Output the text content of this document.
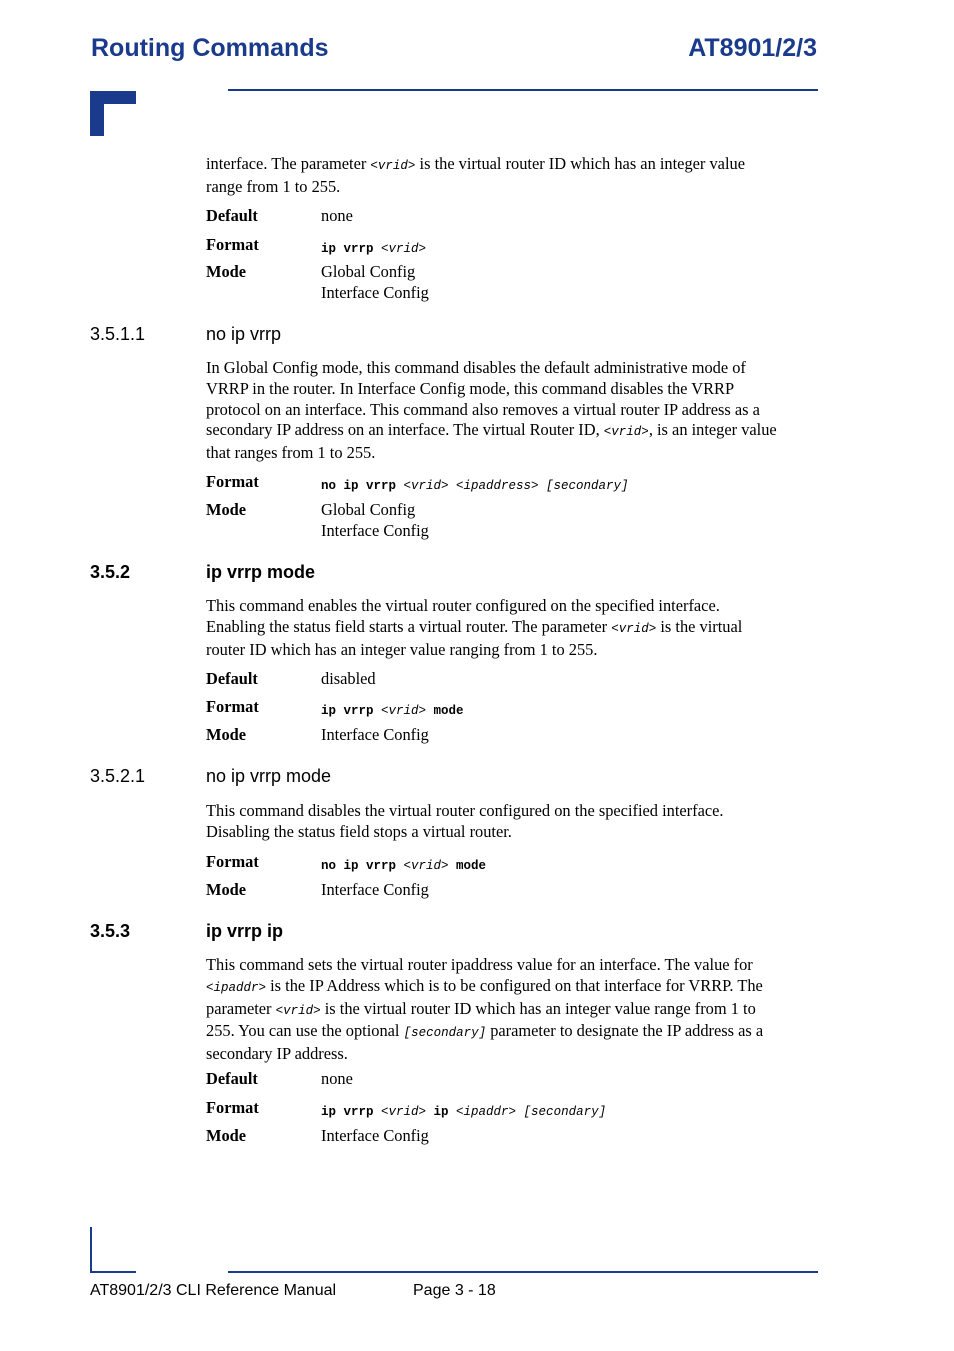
Routing Commands	AT8901/2/3
interface. The parameter <vrid> is the virtual router ID which has an integer value
range from 1 to 255.
Default	none
Format	ip vrrp <vrid>
Mode	Global Config
Interface Config
3.5.1.1	no ip vrrp
In Global Config mode, this command disables the default administrative mode of
VRRP in the router. In Interface Config mode, this command disables the VRRP
protocol on an interface. This command also removes a virtual router IP address as a
secondary IP address on an interface. The virtual Router ID, <vrid>, is an integer value
that ranges from 1 to 255.
Format	no ip vrrp <vrid> <ipaddress> [secondary]
Mode	Global Config
Interface Config
3.5.2	ip vrrp mode
This command enables the virtual router configured on the specified interface.
Enabling the status field starts a virtual router. The parameter <vrid> is the virtual
router ID which has an integer value ranging from 1 to 255.
Default	disabled
Format	ip vrrp <vrid> mode
Mode	Interface Config
3.5.2.1	no ip vrrp mode
This command disables the virtual router configured on the specified interface.
Disabling the status field stops a virtual router.
Format	no ip vrrp <vrid> mode
Mode	Interface Config
3.5.3	ip vrrp ip
This command sets the virtual router ipaddress value for an interface. The value for
<ipaddr> is the IP Address which is to be configured on that interface for VRRP. The
parameter <vrid> is the virtual router ID which has an integer value range from 1 to
255. You can use the optional [secondary] parameter to designate the IP address as a
secondary IP address.
Default	none
Format	ip vrrp <vrid> ip <ipaddr> [secondary]
Mode	Interface Config
AT8901/2/3 CLI Reference Manual	Page 3 - 18
